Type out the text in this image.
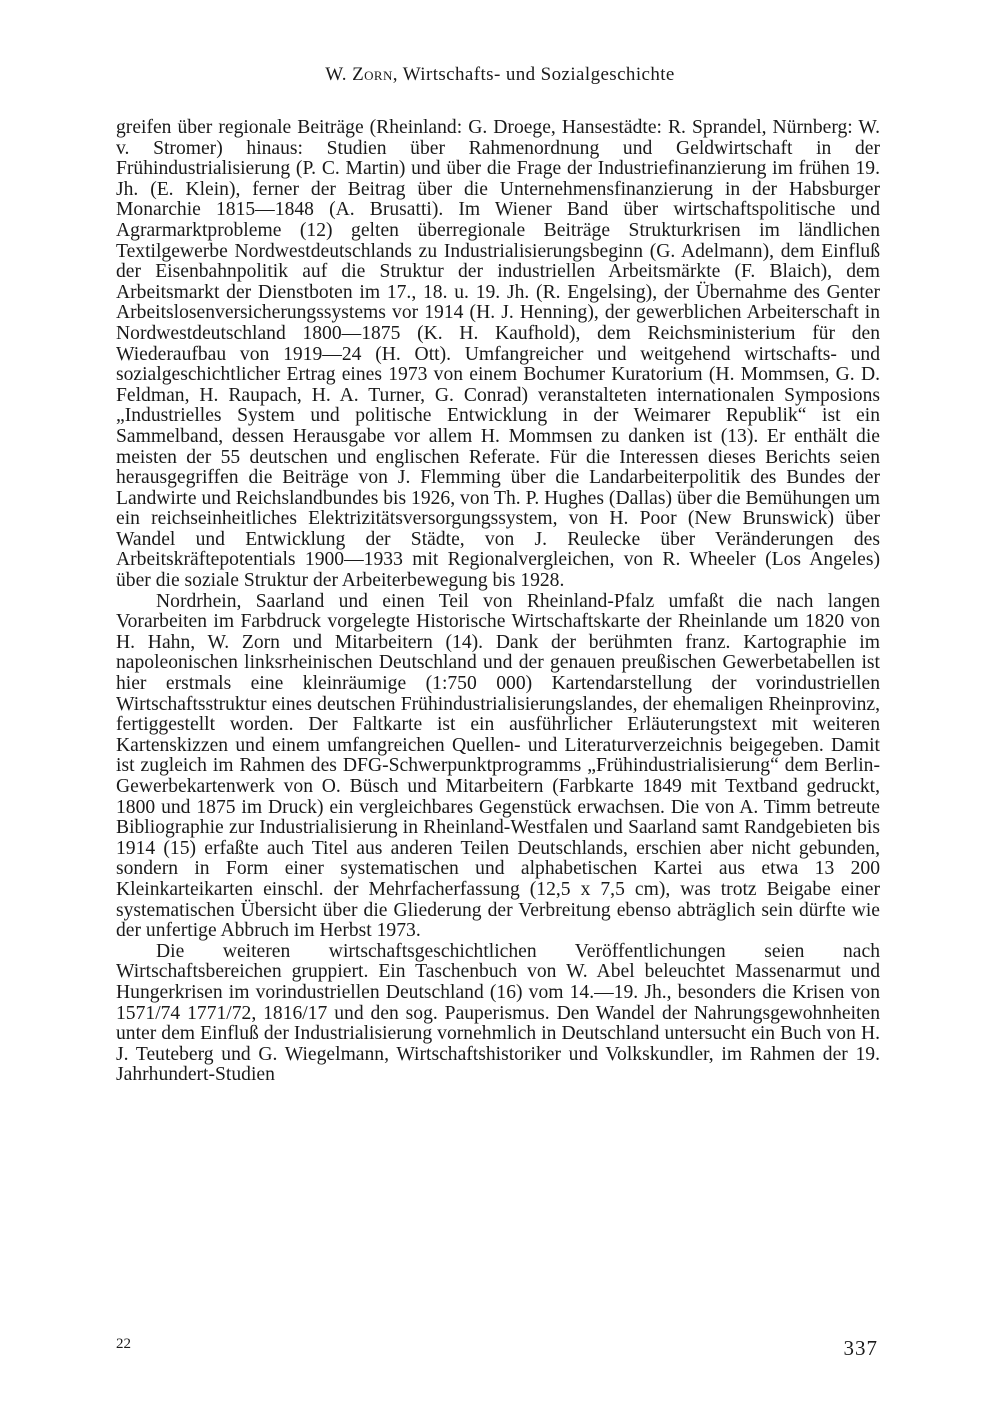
W. Zorn, Wirtschafts- und Sozialgeschichte

greifen über regionale Beiträge (Rheinland: G. Droege, Hansestädte: R. Sprandel, Nürnberg: W. v. Stromer) hinaus: Studien über Rahmenordnung und Geldwirtschaft in der Frühindustrialisierung (P. C. Martin) und über die Frage der Industriefinanzierung im frühen 19. Jh. (E. Klein), ferner der Beitrag über die Unternehmensfinanzierung in der Habsburger Monarchie 1815—1848 (A. Brusatti). Im Wiener Band über wirtschaftspolitische und Agrarmarktprobleme (12) gelten überregionale Beiträge Strukturkrisen im ländlichen Textilgewerbe Nordwestdeutschlands zu Industrialisierungsbeginn (G. Adelmann), dem Einfluß der Eisenbahnpolitik auf die Struktur der industriellen Arbeitsmärkte (F. Blaich), dem Arbeitsmarkt der Dienstboten im 17., 18. u. 19. Jh. (R. Engelsing), der Übernahme des Genter Arbeitslosenversicherungssystems vor 1914 (H. J. Henning), der gewerblichen Arbeiterschaft in Nordwestdeutschland 1800—1875 (K. H. Kaufhold), dem Reichsministerium für den Wiederaufbau von 1919—24 (H. Ott). Umfangreicher und weitgehend wirtschafts- und sozialgeschichtlicher Ertrag eines 1973 von einem Bochumer Kuratorium (H. Mommsen, G. D. Feldman, H. Raupach, H. A. Turner, G. Conrad) veranstalteten internationalen Symposions „Industrielles System und politische Entwicklung in der Weimarer Republik“ ist ein Sammelband, dessen Herausgabe vor allem H. Mommsen zu danken ist (13). Er enthält die meisten der 55 deutschen und englischen Referate. Für die Interessen dieses Berichts seien herausgegriffen die Beiträge von J. Flemming über die Landarbeiterpolitik des Bundes der Landwirte und Reichslandbundes bis 1926, von Th. P. Hughes (Dallas) über die Bemühungen um ein reichseinheitliches Elektrizitätsversorgungssystem, von H. Poor (New Brunswick) über Wandel und Entwicklung der Städte, von J. Reulecke über Veränderungen des Arbeitskräftepotentials 1900—1933 mit Regionalvergleichen, von R. Wheeler (Los Angeles) über die soziale Struktur der Arbeiterbewegung bis 1928.

Nordrhein, Saarland und einen Teil von Rheinland-Pfalz umfaßt die nach langen Vorarbeiten im Farbdruck vorgelegte Historische Wirtschaftskarte der Rheinlande um 1820 von H. Hahn, W. Zorn und Mitarbeitern (14). Dank der berühmten franz. Kartographie im napoleonischen linksrheinischen Deutschland und der genauen preußischen Gewerbetabellen ist hier erstmals eine kleinräumige (1:750 000) Kartendarstellung der vorindustriellen Wirtschaftsstruktur eines deutschen Frühindustrialisierungslandes, der ehemaligen Rheinprovinz, fertiggestellt worden. Der Faltkarte ist ein ausführlicher Erläuterungstext mit weiteren Kartenskizzen und einem umfangreichen Quellen- und Literaturverzeichnis beigegeben. Damit ist zugleich im Rahmen des DFG-Schwerpunktprogramms „Frühindustrialisierung“ dem Berlin-Gewerbekartenwerk von O. Büsch und Mitarbeitern (Farbkarte 1849 mit Textband gedruckt, 1800 und 1875 im Druck) ein vergleichbares Gegenstück erwachsen. Die von A. Timm betreute Bibliographie zur Industrialisierung in Rheinland-Westfalen und Saarland samt Randgebieten bis 1914 (15) erfaßte auch Titel aus anderen Teilen Deutschlands, erschien aber nicht gebunden, sondern in Form einer systematischen und alphabetischen Kartei aus etwa 13 200 Kleinkarteikarten einschl. der Mehrfacherfassung (12,5 x 7,5 cm), was trotz Beigabe einer systematischen Übersicht über die Gliederung der Verbreitung ebenso abträglich sein dürfte wie der unfertige Abbruch im Herbst 1973.

Die weiteren wirtschaftsgeschichtlichen Veröffentlichungen seien nach Wirtschaftsbereichen gruppiert. Ein Taschenbuch von W. Abel beleuchtet Massenarmut und Hungerkrisen im vorindustriellen Deutschland (16) vom 14.—19. Jh., besonders die Krisen von 1571/74 1771/72, 1816/17 und den sog. Pauperismus. Den Wandel der Nahrungsgewohnheiten unter dem Einfluß der Industrialisierung vornehmlich in Deutschland untersucht ein Buch von H. J. Teuteberg und G. Wiegelmann, Wirtschaftshistoriker und Volkskundler, im Rahmen der 19. Jahrhundert-Studien

22	337
